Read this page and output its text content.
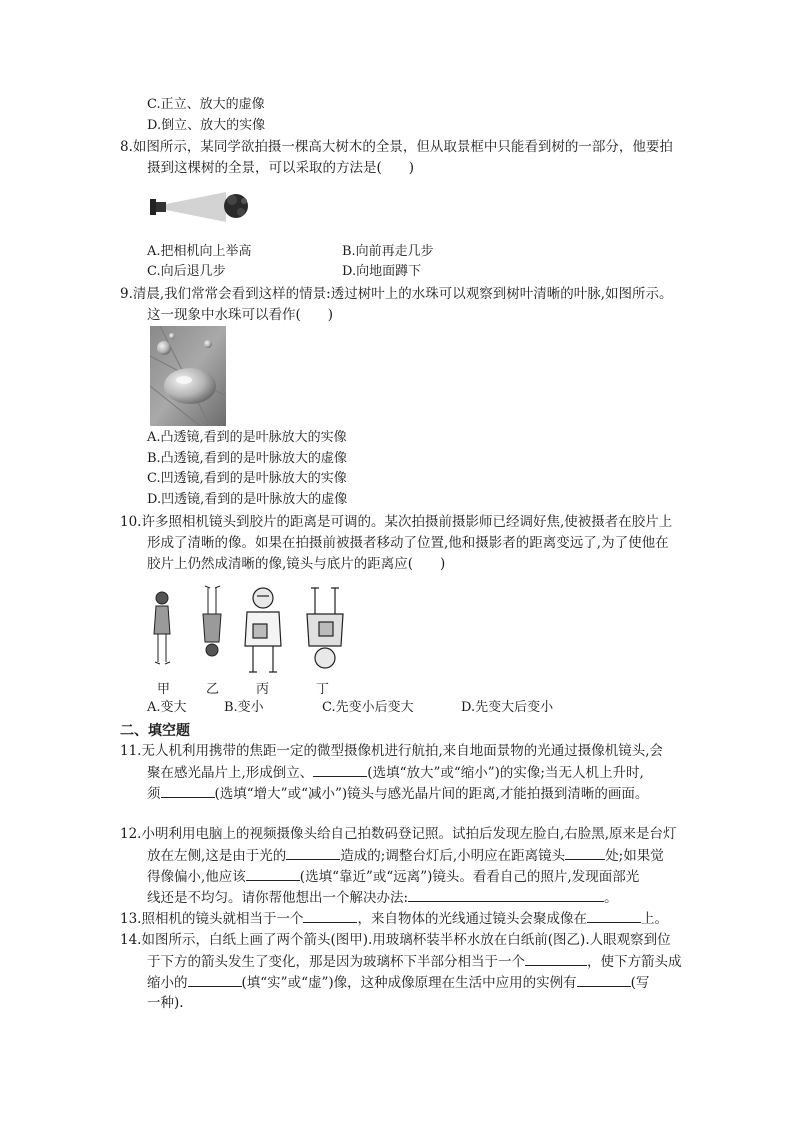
C.正立、放大的虚像
D.倒立、放大的实像
8.如图所示，某同学欲拍摄一棵高大树木的全景，但从取景框中只能看到树的一部分，他要拍
摄到这棵树的全景，可以采取的方法是(　　)
A.把相机向上举高	B.向前再走几步
C.向后退几步	D.向地面蹲下
9.清晨,我们常常会看到这样的情景:透过树叶上的水珠可以观察到树叶清晰的叶脉,如图所示。
这一现象中水珠可以看作(　　)
A.凸透镜,看到的是叶脉放大的实像
B.凸透镜,看到的是叶脉放大的虚像
C.凹透镜,看到的是叶脉放大的实像
D.凹透镜,看到的是叶脉放大的虚像
10.许多照相机镜头到胶片的距离是可调的。某次拍摄前摄影师已经调好焦,使被摄者在胶片上
形成了清晰的像。如果在拍摄前被摄者移动了位置,他和摄影者的距离变远了,为了使他在
胶片上仍然成清晰的像,镜头与底片的距离应(　　)
甲	乙	丙	丁
A.变大	B.变小	C.先变小后变大	D.先变大后变小
二、填空题
11.无人机利用携带的焦距一定的微型摄像机进行航拍,来自地面景物的光通过摄像机镜头,会
聚在感光晶片上,形成倒立、	(选填“放大”或“缩小”)的实像;当无人机上升时,
须	(选填“增大”或“减小”)镜头与感光晶片间的距离,才能拍摄到清晰的画面。
12.小明利用电脑上的视频摄像头给自己拍数码登记照。试拍后发现左脸白,右脸黑,原来是台灯
放在左侧,这是由于光的	造成的;调整台灯后,小明应在距离镜头	处;如果觉
得像偏小,他应该	(选填“靠近”或“远离”)镜头。看看自己的照片,发现面部光
线还是不均匀。请你帮他想出一个解决办法:	。
13.照相机的镜头就相当于一个	，来自物体的光线通过镜头会聚成像在	上。
14.如图所示，白纸上画了两个箭头(图甲).用玻璃杯装半杯水放在白纸前(图乙).人眼观察到位
于下方的箭头发生了变化，那是因为玻璃杯下半部分相当于一个	，使下方箭头成
缩小的	(填“实”或“虚”)像，这种成像原理在生活中应用的实例有	(写
一种).
